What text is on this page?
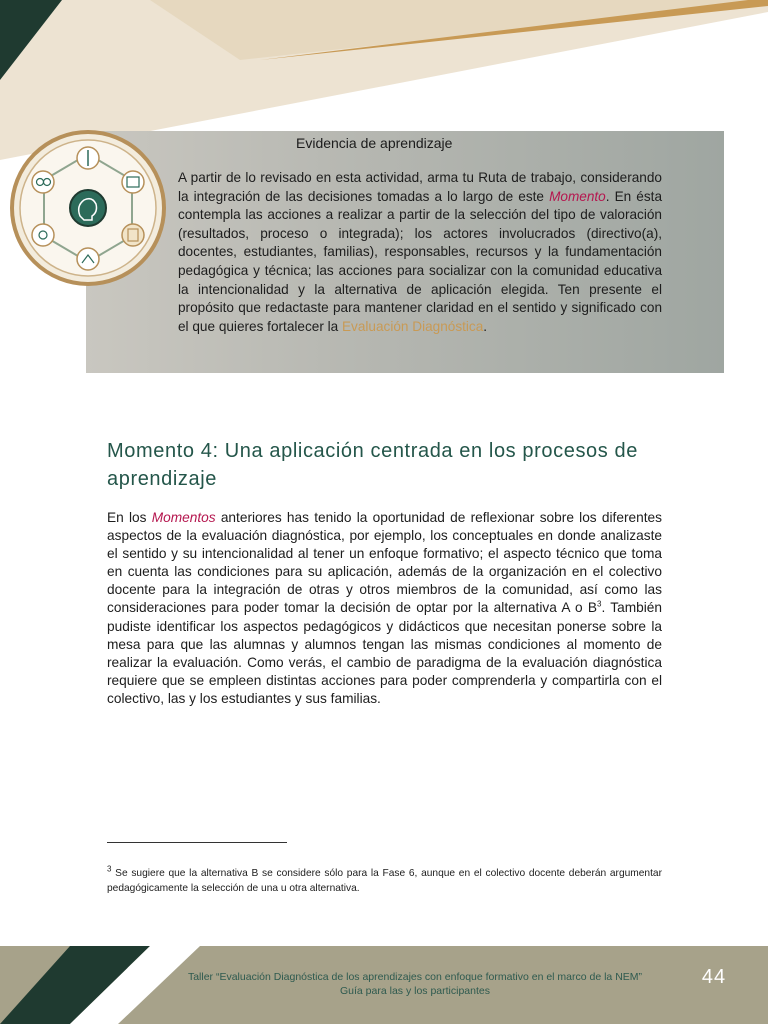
Evidencia de aprendizaje

A partir de lo revisado en esta actividad, arma tu Ruta de trabajo, considerando la integración de las decisiones tomadas a lo largo de este Momento. En ésta contempla las acciones a realizar a partir de la selección del tipo de valoración (resultados, proceso o integrada); los actores involucrados (directivo(a), docentes, estudiantes, familias), responsables, recursos y la fundamentación pedagógica y técnica; las acciones para socializar con la comunidad educativa la intencionalidad y la alternativa de aplicación elegida. Ten presente el propósito que redactaste para mantener claridad en el sentido y significado con el que quieres fortalecer la Evaluación Diagnóstica.

Momento 4: Una aplicación centrada en los procesos de aprendizaje

En los Momentos anteriores has tenido la oportunidad de reflexionar sobre los diferentes aspectos de la evaluación diagnóstica, por ejemplo, los conceptuales en donde analizaste el sentido y su intencionalidad al tener un enfoque formativo; el aspecto técnico que toma en cuenta las condiciones para su aplicación, además de la organización en el colectivo docente para la integración de otras y otros miembros de la comunidad, así como las consideraciones para poder tomar la decisión de optar por la alternativa A o $B^3$. También pudiste identificar los aspectos pedagógicos y didácticos que necesitan ponerse sobre la mesa para que las alumnas y alumnos tengan las mismas condiciones al momento de realizar la evaluación. Como verás, el cambio de paradigma de la evaluación diagnóstica requiere que se empleen distintas acciones para poder comprenderla y compartirla con el colectivo, las y los estudiantes y sus familias.

$^3$ Se sugiere que la alternativa B se considere sólo para la Fase 6, aunque en el colectivo docente deberán argumentar pedagógicamente la selección de una u otra alternativa.

Taller “Evaluación Diagnóstica de los aprendizajes con enfoque formativo en el marco de la NEM”
Guía para las y los participantes
44
